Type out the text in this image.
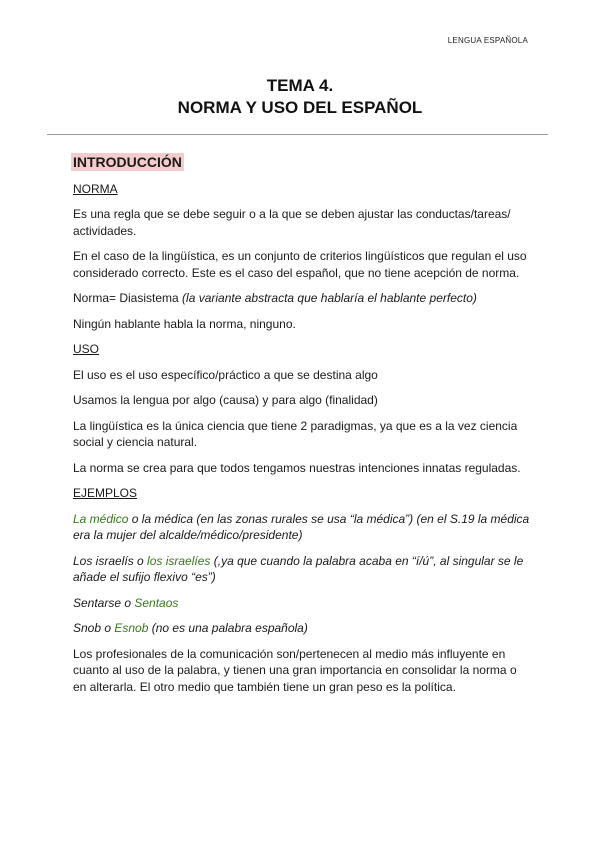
LENGUA ESPAÑOLA
TEMA 4.
NORMA Y USO DEL ESPAÑOL
INTRODUCCIÓN

NORMA

Es una regla que se debe seguir o a la que se deben ajustar las conductas/tareas/ actividades.

En el caso de la lingüística, es un conjunto de criterios lingüísticos que regulan el uso considerado correcto. Este es el caso del español, que no tiene acepción de norma.

Norma= Diasistema (la variante abstracta que hablaría el hablante perfecto)

Ningún hablante habla la norma, ninguno.

USO

El uso es el uso específico/práctico a que se destina algo

Usamos la lengua por algo (causa) y para algo (finalidad)

La lingüística es la única ciencia que tiene 2 paradigmas, ya que es a la vez ciencia social y ciencia natural.

La norma se crea para que todos tengamos nuestras intenciones innatas reguladas.

EJEMPLOS

La médico o la médica (en las zonas rurales se usa “la médica”) (en el S.19 la médica era la mujer del alcalde/médico/presidente)

Los israelís o los israelíes (,ya que cuando la palabra acaba en “í/ú”, al singular se le añade el sufijo flexivo “es”)

Sentarse o Sentaos

Snob o Esnob (no es una palabra española)

Los profesionales de la comunicación son/pertenecen al medio más influyente en cuanto al uso de la palabra, y tienen una gran importancia en consolidar la norma o en alterarla. El otro medio que también tiene un gran peso es la política.
